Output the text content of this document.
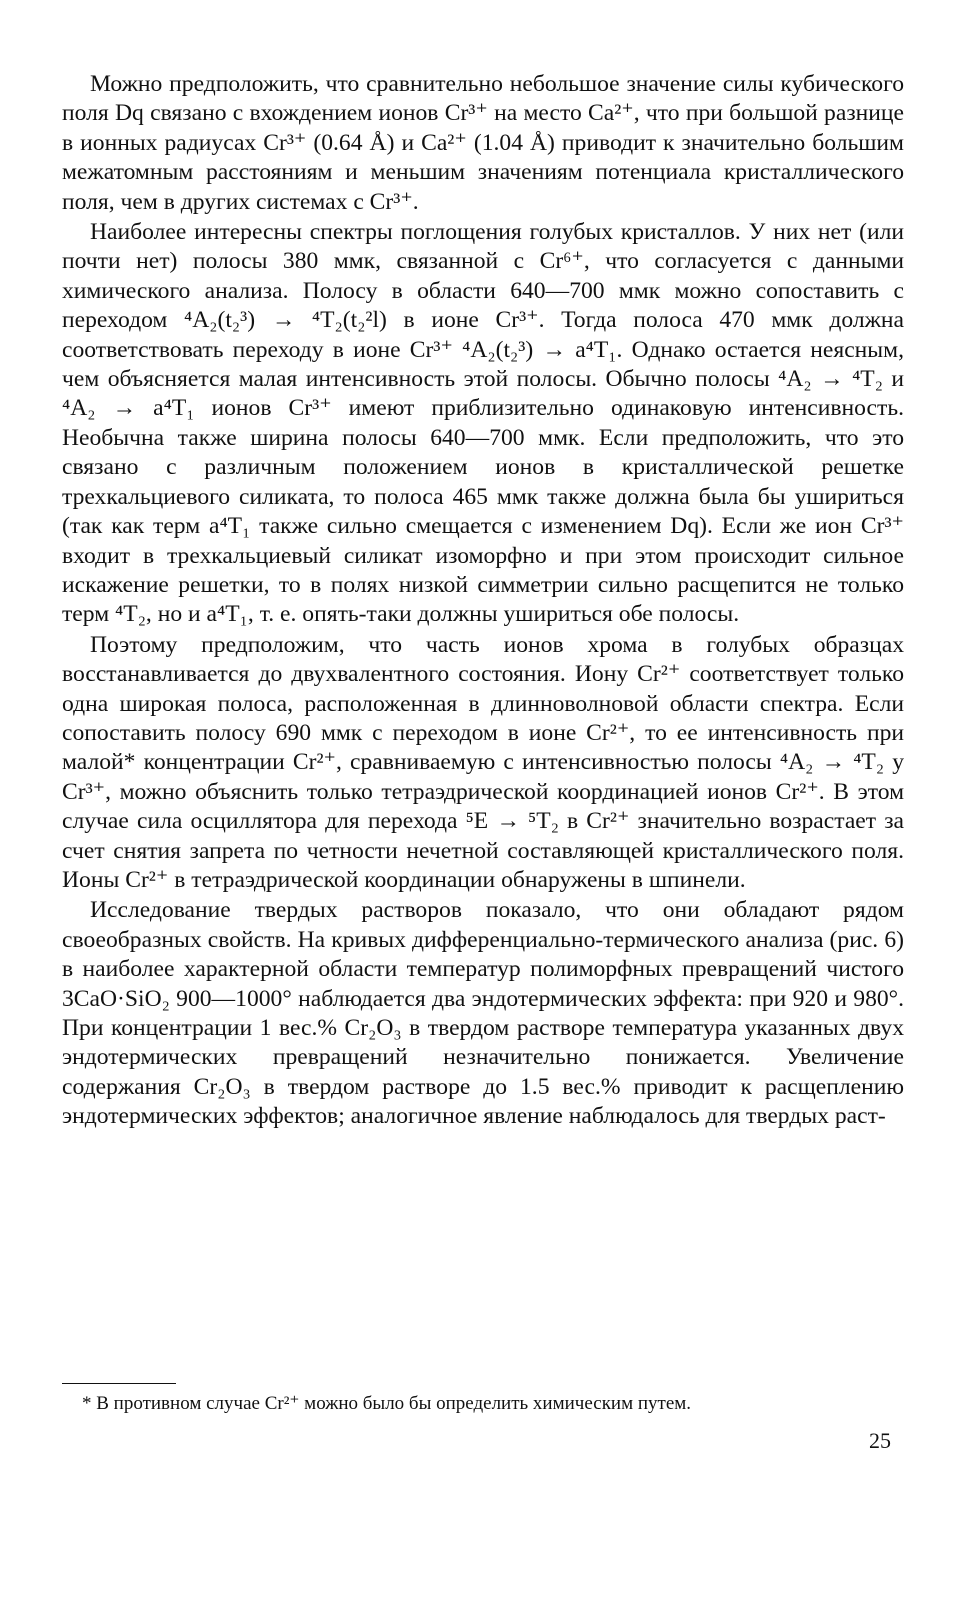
Можно предположить, что сравнительно небольшое значение силы кубического поля Dq связано с вхождением ионов Cr³⁺ на место Ca²⁺, что при большой разнице в ионных радиусах Cr³⁺ (0.64 Å) и Ca²⁺ (1.04 Å) приводит к значительно большим межатомным расстояниям и меньшим значениям потенциала кристаллического поля, чем в других системах с Cr³⁺.

Наиболее интересны спектры поглощения голубых кристаллов. У них нет (или почти нет) полосы 380 ммк, связанной с Cr⁶⁺, что согласуется с данными химического анализа. Полосу в области 640—700 ммк можно сопоставить с переходом ⁴A₂(t₂³) → ⁴T₂(t₂²l) в ионе Cr³⁺. Тогда полоса 470 ммк должна соответствовать переходу в ионе Cr³⁺ ⁴A₂(t₂³) → a⁴T₁. Однако остается неясным, чем объясняется малая интенсивность этой полосы. Обычно полосы ⁴A₂ → ⁴T₂ и ⁴A₂ → a⁴T₁ ионов Cr³⁺ имеют приблизительно одинаковую интенсивность. Необычна также ширина полосы 640—700 ммк. Если предположить, что это связано с различным положением ионов в кристаллической решетке трехкальциевого силиката, то полоса 465 ммк также должна была бы ушириться (так как терм a⁴T₁ также сильно смещается с изменением Dq). Если же ион Cr³⁺ входит в трехкальциевый силикат изоморфно и при этом происходит сильное искажение решетки, то в полях низкой симметрии сильно расщепится не только терм ⁴T₂, но и a⁴T₁, т. е. опять-таки должны ушириться обе полосы.

Поэтому предположим, что часть ионов хрома в голубых образцах восстанавливается до двухвалентного состояния. Иону Cr²⁺ соответствует только одна широкая полоса, расположенная в длинноволновой области спектра. Если сопоставить полосу 690 ммк с переходом в ионе Cr²⁺, то ее интенсивность при малой* концентрации Cr²⁺, сравниваемую с интенсивностью полосы ⁴A₂ → ⁴T₂ у Cr³⁺, можно объяснить только тетраэдрической координацией ионов Cr²⁺. В этом случае сила осциллятора для перехода ⁵E → ⁵T₂ в Cr²⁺ значительно возрастает за счет снятия запрета по четности нечетной составляющей кристаллического поля. Ионы Cr²⁺ в тетраэдрической координации обнаружены в шпинели.

Исследование твердых растворов показало, что они обладают рядом своеобразных свойств. На кривых дифференциально-термического анализа (рис. 6) в наиболее характерной области температур полиморфных превращений чистого 3CaO·SiO₂ 900—1000° наблюдается два эндотермических эффекта: при 920 и 980°. При концентрации 1 вес.% Cr₂O₃ в твердом растворе температура указанных двух эндотермических превращений незначительно понижается. Увеличение содержания Cr₂O₃ в твердом растворе до 1.5 вес.% приводит к расщеплению эндотермических эффектов; аналогичное явление наблюдалось для твердых раст-

* В противном случае Cr²⁺ можно было бы определить химическим путем.

25
